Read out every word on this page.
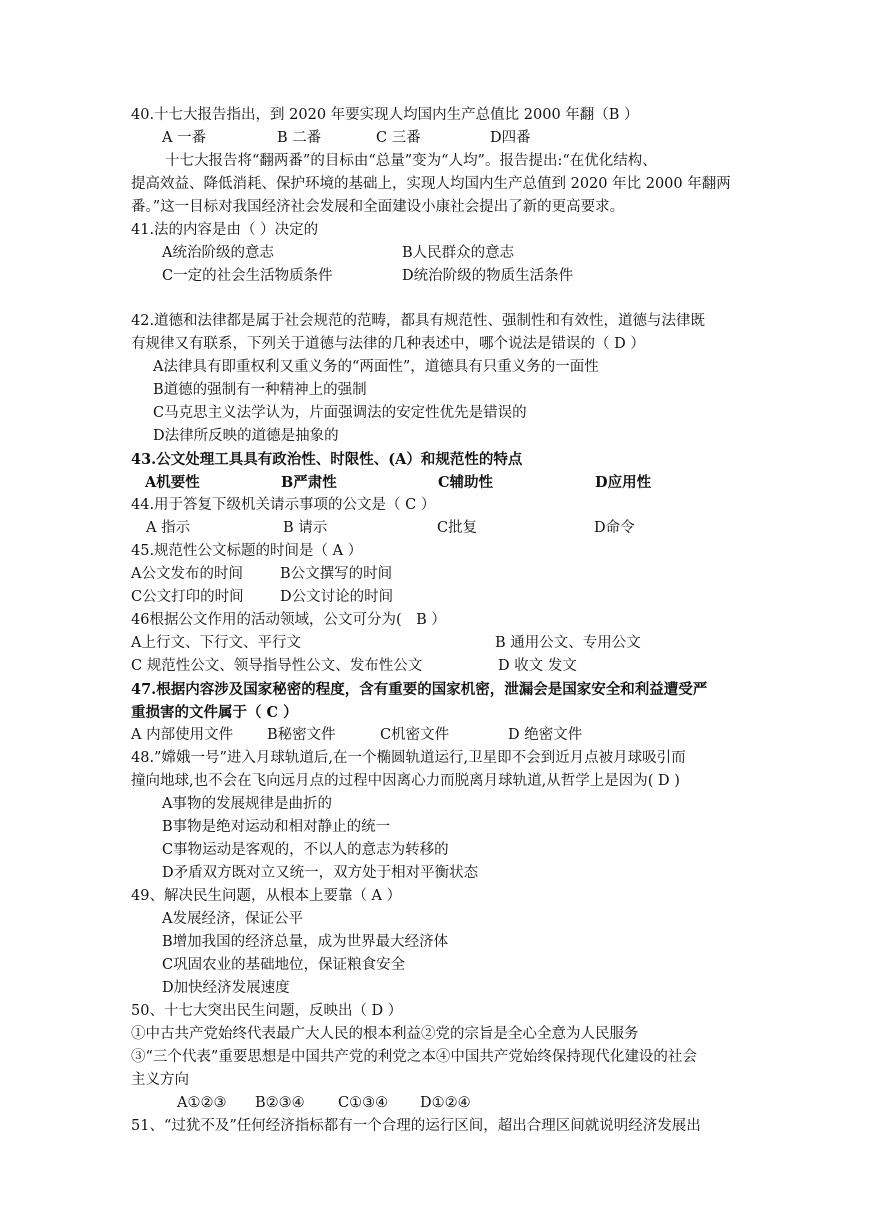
40.十七大报告指出，到 2020 年要实现人均国内生产总值比 2000 年翻（B ）

A 一番

	B 二番

	C 三番

	D四番

十七大报告将“翻两番”的目标由“总量”变为“人均”。报告提出:“在优化结构、
提高效益、降低消耗、保护环境的基础上，实现人均国内生产总值到 2020 年比 2000 年翻两
番。”这一目标对我国经济社会发展和全面建设小康社会提出了新的更高要求。
41.法的内容是由（ ）决定的

A统治阶级的意志

	B人民群众的意志

C一定的社会生活物质条件

	D统治阶级的物质生活条件

42.道德和法律都是属于社会规范的范畴，都具有规范性、强制性和有效性，道德与法律既
有规律又有联系，下列关于道德与法律的几种表述中，哪个说法是错误的（ D ）
A法律具有即重权利又重义务的“两面性”，道德具有只重义务的一面性
B道德的强制有一种精神上的强制
C马克思主义法学认为，片面强调法的安定性优先是错误的
D法律所反映的道德是抽象的
43.公文处理工具具有政治性、时限性、(A）和规范性的特点

A机要性

	B严肃性

	C辅助性

	D应用性

44.用于答复下级机关请示事项的公文是（ C ）

A 指示

	B 请示

	C批复

	D命令

45.规范性公文标题的时间是（ A ）

A公文发布的时间

	B公文撰写的时间

C公文打印的时间

	D公文讨论的时间

46根据公文作用的活动领域，公文可分为(　B ）

A上行文、下行文、平行文

	B 通用公文、专用公文

C 规范性公文、领导指导性公文、发布性公文

	D 收文 发文

47.根据内容涉及国家秘密的程度，含有重要的国家机密，泄漏会是国家安全和利益遭受严
重损害的文件属于（ C ）

A 内部使用文件

B秘密文件

	C机密文件

	D 绝密文件

48.”嫦娥一号”进入月球轨道后,在一个椭圆轨道运行,卫星即不会到近月点被月球吸引而
撞向地球,也不会在飞向远月点的过程中因离心力而脱离月球轨道,从哲学上是因为( D )
A事物的发展规律是曲折的
B事物是绝对运动和相对静止的统一
C事物运动是客观的，不以人的意志为转移的
D矛盾双方既对立又统一，双方处于相对平衡状态
49、解决民生问题，从根本上要靠（ A ）
A发展经济，保证公平
B增加我国的经济总量，成为世界最大经济体
C巩固农业的基础地位，保证粮食安全
D加快经济发展速度
50、十七大突出民生问题，反映出（ D ）
①中古共产党始终代表最广大人民的根本利益②党的宗旨是全心全意为人民服务
③“三个代表”重要思想是中国共产党的利党之本④中国共产党始终保持现代化建设的社会
主义方向

A①②③

B②③④

C①③④

D①②④

51、“过犹不及”任何经济指标都有一个合理的运行区间，超出合理区间就说明经济发展出
